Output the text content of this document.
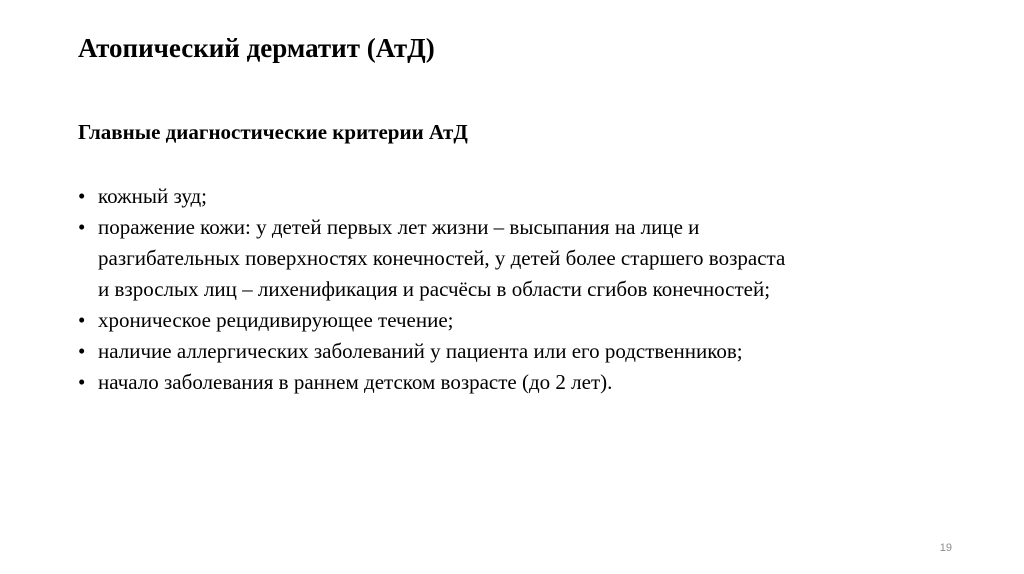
Атопический дерматит (АтД)
Главные диагностические критерии АтД
• кожный зуд;
• поражение кожи: у детей первых лет жизни – высыпания на лице и
разгибательных поверхностях конечностей, у детей более старшего возраста
и взрослых лиц – лихенификация и расчёсы в области сгибов конечностей;
• хроническое рецидивирующее течение;
• наличие аллергических заболеваний у пациента или его родственников;
• начало заболевания в раннем детском возрасте (до 2 лет).
19
